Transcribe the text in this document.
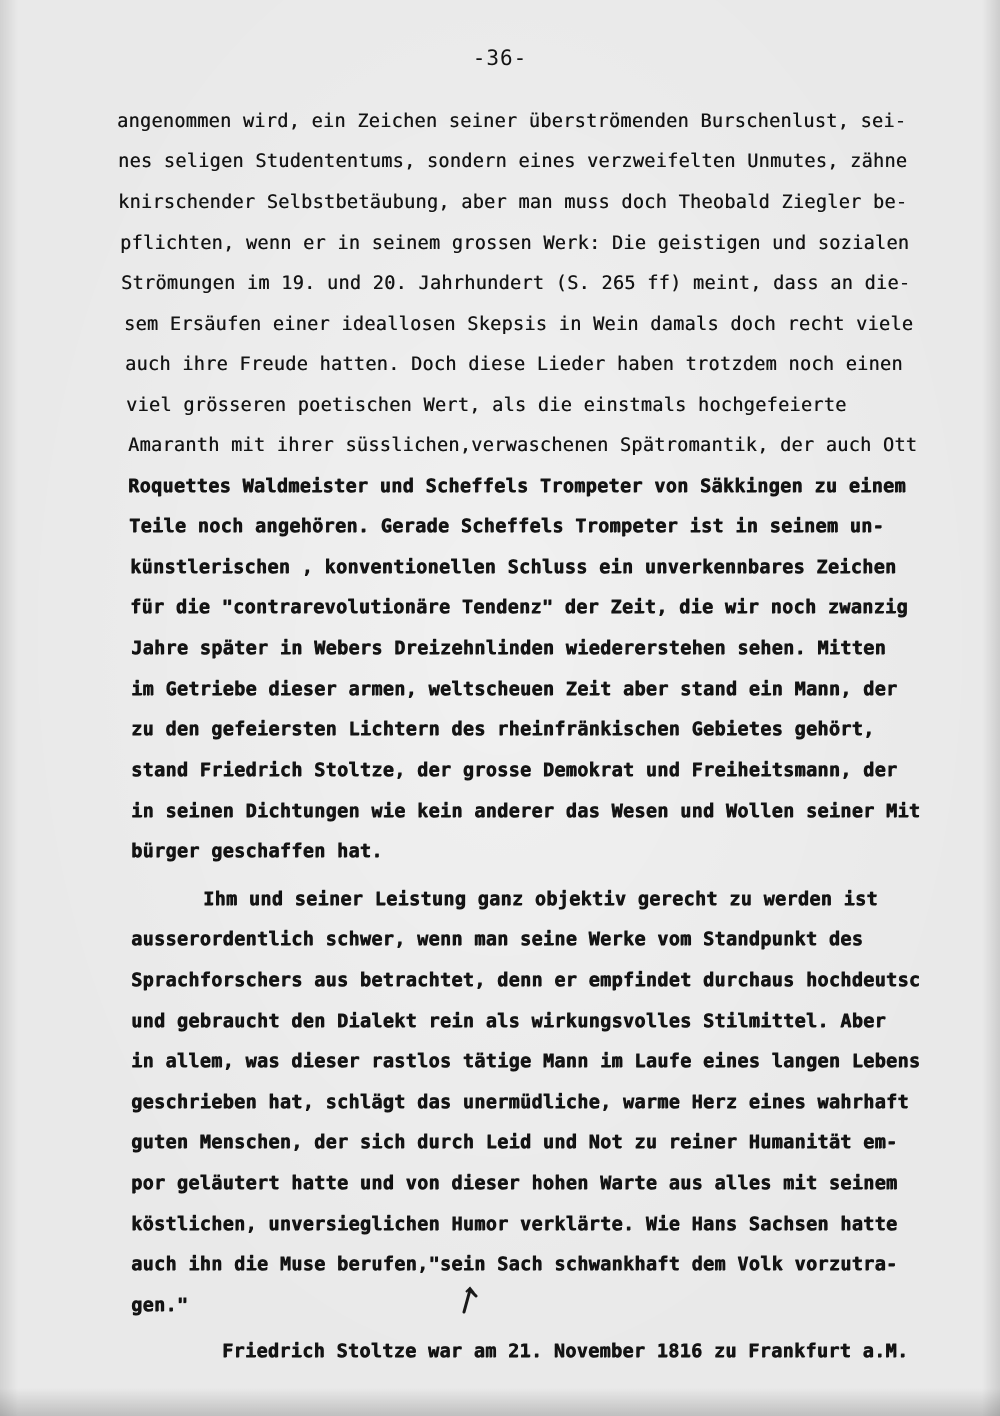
-36-
angenommen wird, ein Zeichen seiner überströmenden Burschenlust, sei-
nes seligen Studententums, sondern eines verzweifelten Unmutes, zähne
knirschender Selbstbetäubung, aber man muss doch Theobald Ziegler be-
pflichten, wenn er in seinem grossen Werk: Die geistigen und sozialen
Strömungen im 19. und 20. Jahrhundert (S. 265 ff) meint, dass an die-
sem Ersäufen einer ideallosen Skepsis in Wein damals doch recht viele
auch ihre Freude hatten. Doch diese Lieder haben trotzdem noch einen
viel grösseren poetischen Wert, als die einstmals hochgefeierte
Amaranth mit ihrer süsslichen,verwaschenen Spätromantik, der auch Ott
Roquettes Waldmeister und Scheffels Trompeter von Säkkingen zu einem
Teile noch angehören. Gerade Scheffels Trompeter ist in seinem un-
künstlerischen , konventionellen Schluss ein unverkennbares Zeichen
für die "contrarevolutionäre Tendenz" der Zeit, die wir noch zwanzig
Jahre später in Webers Dreizehnlinden wiedererstehen sehen. Mitten
im Getriebe dieser armen, weltscheuen Zeit aber stand ein Mann, der
zu den gefeiersten Lichtern des rheinfränkischen Gebietes gehört,
stand Friedrich Stoltze, der grosse Demokrat und Freiheitsmann, der
in seinen Dichtungen wie kein anderer das Wesen und Wollen seiner Mit
bürger geschaffen hat.
Ihm und seiner Leistung ganz objektiv gerecht zu werden ist
ausserordentlich schwer, wenn man seine Werke vom Standpunkt des
Sprachforschers aus betrachtet, denn er empfindet durchaus hochdeutsc
und gebraucht den Dialekt rein als wirkungsvolles Stilmittel. Aber
in allem, was dieser rastlos tätige Mann im Laufe eines langen Lebens
geschrieben hat, schlägt das unermüdliche, warme Herz eines wahrhaft
guten Menschen, der sich durch Leid und Not zu reiner Humanität em-
por geläutert hatte und von dieser hohen Warte aus alles mit seinem
köstlichen, unversieglichen Humor verklärte. Wie Hans Sachsen hatte
auch ihn die Muse berufen,"sein Sach schwankhaft dem Volk vorzutra-
gen."
Friedrich Stoltze war am 21. November 1816 zu Frankfurt a.M.
